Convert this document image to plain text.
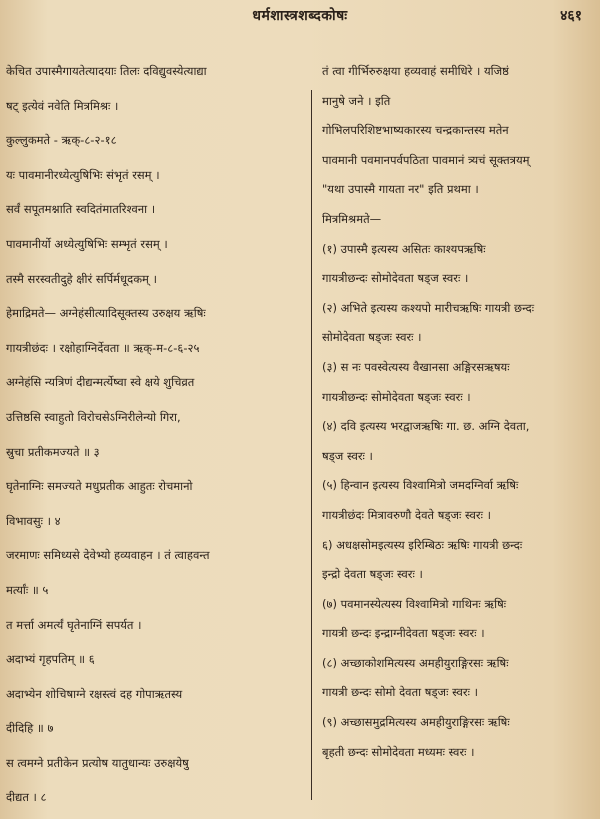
धर्मशास्त्रशब्दकोषः	४६१
केचित उपास्मैगायतेत्यादयाः तिलः दविद्युवस्येत्याद्या
षट् इत्येवं नवेति मित्रमिश्रः ।
कुल्लुकमते - ऋक्-८-२-१८
यः पावमानीरध्येत्युषिभिः संभृतं रसम् ।
सर्वं सपूतमश्नाति स्वदितंमातरिश्वना ।
पावमानीर्यो अध्येत्युषिभिः सम्भृतं रसम् ।
तस्मै सरस्वतीदुहे क्षीरं सर्पिर्मधूदकम् ।
हेमाद्रिमते— अग्नेहंसीत्यादिसूक्तस्य उरुक्षय ऋषिः
गायत्रीछंदः । रक्षोहाग्निर्देवता ॥ ऋक्-म-८-६-२५
अग्नेहंसि न्यत्रिणं दीद्यन्मर्त्येष्वा स्वे क्षये शुचिव्रत
उत्तिष्ठसि स्वाहुतो विरोचसेऽग्निरीलेन्यो गिरा,
स्रुचा प्रतीकमज्यते ॥ ३
घृतेनाग्निः समज्यते मधुप्रतीक आहुतः रोचमानो
विभावसुः । ४
जरमाणः समिध्यसे देवेभ्यो हव्यवाहन । तं त्वाहवन्त
मर्त्यांः ॥ ५
त मर्त्ता अमर्त्यं घृतेनाग्निं सपर्यत ।
अदाभ्यं गृहपतिम् ॥ ६
अदाभ्येन शोचिषाग्ने रक्षस्त्वं दह गोपाऋतस्य
दीदिहि ॥ ७
स त्वमग्ने प्रतीकेन प्रत्योष यातुधान्यः उरुक्षयेषु
दीद्यत । ८
तं त्वा गीर्भिरुरुक्षया हव्यवाहं समीधिरे । यजिष्ठं
मानुषे जने । इति
गोभिलपरिशिष्टभाष्यकारस्य चन्द्रकान्तस्य मतेन
पावमानी पवमानपर्वपठिता पावमानं त्र्यचं सूक्तत्रयम्
"यथा उपास्मै गायता नर" इति प्रथमा ।
मित्रमिश्रमते—
(१) उपास्मै इत्यस्य असितः काश्यपऋषिः
गायत्रीछन्दः सोमोदेवता षड्ज स्वरः ।
(२) अभिते इत्यस्य कश्यपो मारीचऋषिः गायत्री छन्दः
सोमोदेवता षड्जः स्वरः ।
(३) स नः पवस्वेत्यस्य वैखानसा अङ्गिरसऋषयः
गायत्रीछन्दः सोमोदेवता षड्जः स्वरः ।
(४) दवि इत्यस्य भरद्वाजऋषिः गा. छ. अग्नि देवता,
षड्ज स्वरः ।
(५) हिन्वान इत्यस्य विश्वामित्रो जमदग्निर्वा ऋषिः
गायत्रीछंदः मित्रावरुणौ देवते षड्जः स्वरः ।
६) अधक्षसोमइत्यस्य इरिम्बिठः ऋषिः गायत्री छन्दः
इन्द्रो देवता षड्जः स्वरः ।
(७) पवमानस्येत्यस्य विश्वामित्रो गाथिनः ऋषिः
गायत्री छन्दः इन्द्राग्नीदेवता षड्जः स्वरः ।
(८) अच्छाकोशमित्यस्य अमहीयुराङ्गिरसः ऋषिः
गायत्री छन्दः सोमो देवता षड्जः स्वरः ।
(९) अच्छासमुद्रमित्यस्य अमहीयुराङ्गिरसः ऋषिः
बृहती छन्दः सोमोदेवता मध्यमः स्वरः ।
